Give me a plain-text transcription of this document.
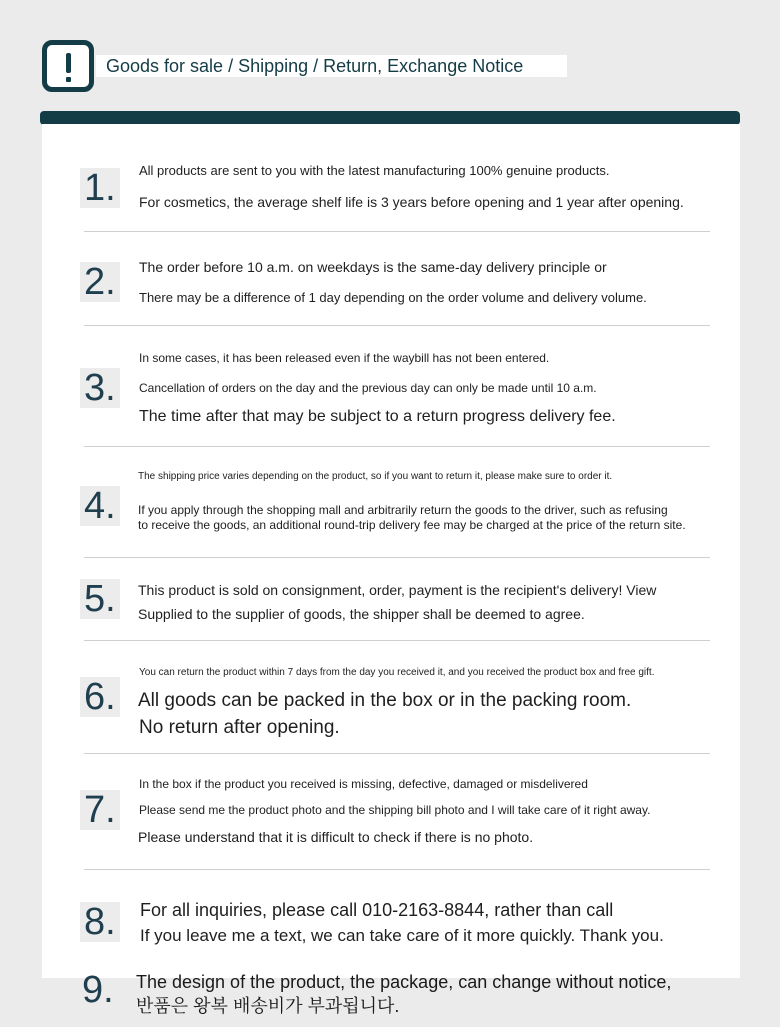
Goods for sale / Shipping / Return, Exchange Notice
1.	All products are sent to you with the latest manufacturing 100% genuine products.
For cosmetics, the average shelf life is 3 years before opening and 1 year after opening.
2. The order before 10 a.m. on weekdays is the same-day delivery principle or
There may be a difference of 1 day depending on the order volume and delivery volume.
3.
In some cases, it has been released even if the waybill has not been entered.
Cancellation of orders on the day and the previous day can only be made until 10 a.m.
The time after that may be subject to a return progress delivery fee.
4.
The shipping price varies depending on the product, so if you want to return it, please make sure to order it.
If you apply through the shopping mall and arbitrarily return the goods to the driver, such as refusing
to receive the goods, an additional round-trip delivery fee may be charged at the price of the return site.
5. This product is sold on consignment, order, payment is the recipient's delivery! View
Supplied to the supplier of goods, the shipper shall be deemed to agree.
6.
You can return the product within 7 days from the day you received it, and you received the product box and free gift.
All goods can be packed in the box or in the packing room.
No return after opening.
7.
In the box if the product you received is missing, defective, damaged or misdelivered
Please send me the product photo and the shipping bill photo and I will take care of it right away.
Please understand that it is difficult to check if there is no photo.
8. For all inquiries, please call 010-2163-8844, rather than call
If you leave me a text, we can take care of it more quickly. Thank you.
9. The design of the product, the package, can change without notice,
반품은 왕복 배송비가 부과됩니다.
